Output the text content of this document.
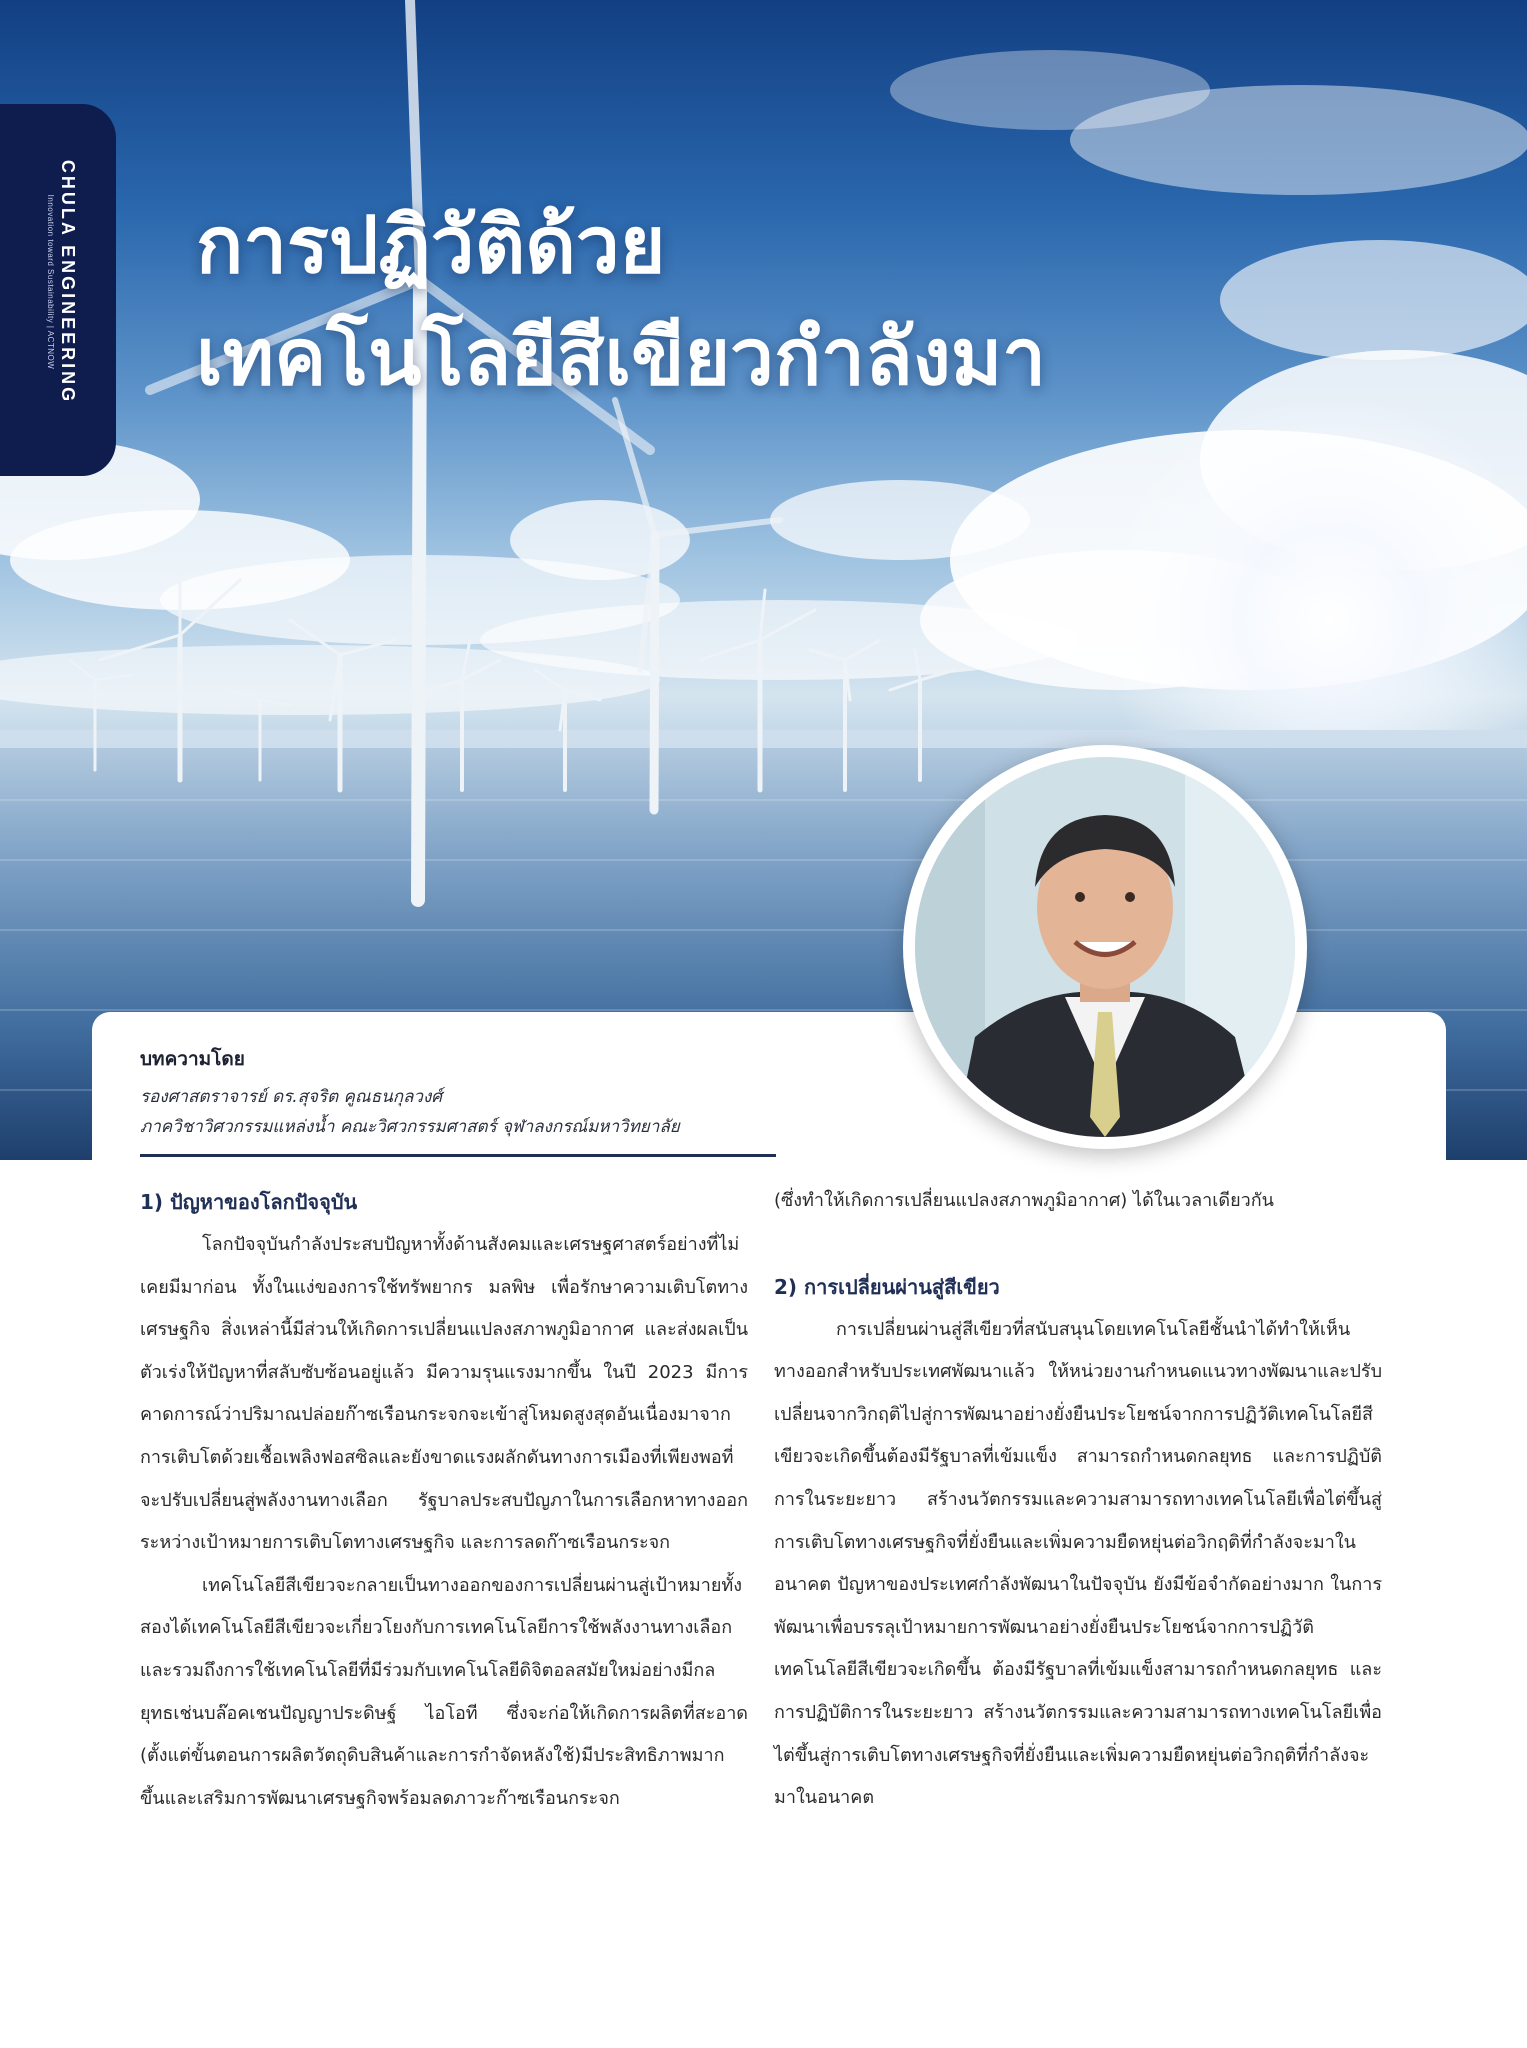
CHULA ENGINEERING
Innovation toward Sustainability | ACTNOW การปฏิวัติด้วย
เทคโนโลยีสีเขียวกำลังมา
บทความโดย
รองศาสตราจารย์ ดร.สุจริต คูณธนกุลวงศ์
ภาควิชาวิศวกรรมแหล่งน้ำ คณะวิศวกรรมศาสตร์ จุฬาลงกรณ์มหาวิทยาลัย
1) ปัญหาของโลกปัจจุบัน

โลกปัจจุบันกำลังประสบปัญหาทั้งด้านสังคมและเศรษฐศาสตร์อย่างที่ไม่เคยมีมาก่อน ทั้งในแง่ของการใช้ทรัพยากร มลพิษ เพื่อรักษาความเติบโตทางเศรษฐกิจ สิ่งเหล่านี้มีส่วนให้เกิดการเปลี่ยนแปลงสภาพภูมิอากาศ และส่งผลเป็นตัวเร่งให้ปัญหาที่สลับซับซ้อนอยู่แล้ว มีความรุนแรงมากขึ้น ในปี 2023 มีการคาดการณ์ว่าปริมาณปล่อยก๊าซเรือนกระจกจะเข้าสู่โหมดสูงสุดอันเนื่องมาจากการเติบโตด้วยเชื้อเพลิงฟอสซิลและยังขาดแรงผลักดันทางการเมืองที่เพียงพอที่จะปรับเปลี่ยนสู่พลังงานทางเลือก รัฐบาลประสบปัญภาในการเลือกหาทางออกระหว่างเป้าหมายการเติบโตทางเศรษฐกิจ และการลดก๊าซเรือนกระจก

เทคโนโลยีสีเขียวจะกลายเป็นทางออกของการเปลี่ยนผ่านสู่เป้าหมายทั้งสองได้เทคโนโลยีสีเขียวจะเกี่ยวโยงกับการเทคโนโลยีการใช้พลังงานทางเลือกและรวมถึงการใช้เทคโนโลยีที่มีร่วมกับเทคโนโลยีดิจิตอลสมัยใหม่อย่างมีกลยุทธเช่นบล๊อคเชนปัญญาประดิษฐ์ ไอโอที ซึ่งจะก่อให้เกิดการผลิตที่สะอาด (ตั้งแต่ขั้นตอนการผลิตวัตถุดิบสินค้าและการกำจัดหลังใช้)มีประสิทธิภาพมากขึ้นและเสริมการพัฒนาเศรษฐกิจพร้อมลดภาวะก๊าซเรือนกระจก

(ซึ่งทำให้เกิดการเปลี่ยนแปลงสภาพภูมิอากาศ) ได้ในเวลาเดียวกัน

2) การเปลี่ยนผ่านสู่สีเขียว

การเปลี่ยนผ่านสู่สีเขียวที่สนับสนุนโดยเทคโนโลยีชั้นนำได้ทำให้เห็นทางออกสำหรับประเทศพัฒนาแล้ว ให้หน่วยงานกำหนดแนวทางพัฒนาและปรับเปลี่ยนจากวิกฤติไปสู่การพัฒนาอย่างยั่งยืนประโยชน์จากการปฏิวัติเทคโนโลยีสีเขียวจะเกิดขึ้นต้องมีรัฐบาลที่เข้มแข็ง สามารถกำหนดกลยุทธ และการปฏิบัติการในระยะยาว สร้างนวัตกรรมและความสามารถทางเทคโนโลยีเพื่อไต่ขึ้นสู่การเติบโตทางเศรษฐกิจที่ยั่งยืนและเพิ่มความยืดหยุ่นต่อวิกฤติที่กำลังจะมาในอนาคต ปัญหาของประเทศกำลังพัฒนาในปัจจุบัน ยังมีข้อจำกัดอย่างมาก ในการพัฒนาเพื่อบรรลุเป้าหมายการพัฒนาอย่างยั่งยืนประโยชน์จากการปฏิวัติเทคโนโลยีสีเขียวจะเกิดขึ้น ต้องมีรัฐบาลที่เข้มแข็งสามารถกำหนดกลยุทธ และการปฏิบัติการในระยะยาว สร้างนวัตกรรมและความสามารถทางเทคโนโลยีเพื่อไต่ขึ้นสู่การเติบโตทางเศรษฐกิจที่ยั่งยืนและเพิ่มความยืดหยุ่นต่อวิกฤติที่กำลังจะมาในอนาคต
